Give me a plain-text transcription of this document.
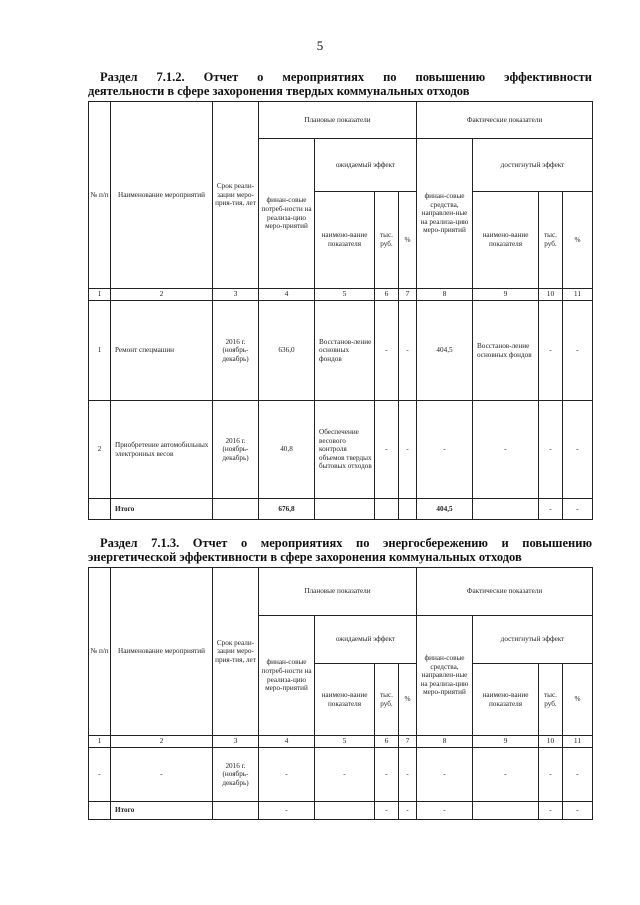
5
Раздел 7.1.2. Отчет о мероприятиях по повышению эффективности
деятельности в сфере захоронения твердых коммунальных отходов
№ п/п	Наименование мероприятий	Срок реали-зации меро-прия-тия, лет	Плановые показатели				Фактические показатели			
			финан-совые потреб-ности на реализа-цию меро-приятий	ожидаемый эффект			финан-совые средства, направлен-ные на реализа-цию меро-приятий	достигнутый эффект		
				наимено-вание показателя	тыс. руб.	%		наимено-вание показателя	тыс. руб.	%
1	2	3	4	5	6	7	8	9	10	11
1	Ремонт спецмашин	2016 г. (ноябрь-декабрь)	636,0	Восстанов-ление основных фондов	-	-	404,5	Восстанов-ление основных фондов	-	-
2	Приобретение автомобильных электронных весов	2016 г. (ноябрь-декабрь)	40,8	Обеспечение весового контроля объемов твердых бытовых отходов	-	-	-	-	-	-
	Итого		676,8				404,5		-	-
Раздел 7.1.3. Отчет о мероприятиях по энергосбережению и повышению
энергетической эффективности в сфере захоронения коммунальных отходов
№ п/п	Наименование мероприятий	Срок реали-зации меро-прия-тия, лет	Плановые показатели				Фактические показатели			
			финан-совые потреб-ности на реализа-цию меро-приятий	ожидаемый эффект			финан-совые средства, направлен-ные на реализа-цию меро-приятий	достигнутый эффект		
				наимено-вание показателя	тыс. руб.	%		наимено-вание показателя	тыс. руб.	%
1	2	3	4	5	6	7	8	9	10	11
-	-	2016 г. (ноябрь-декабрь)	-	-	-	-	-	-	-	-
	Итого		-		-	-	-		-	-
